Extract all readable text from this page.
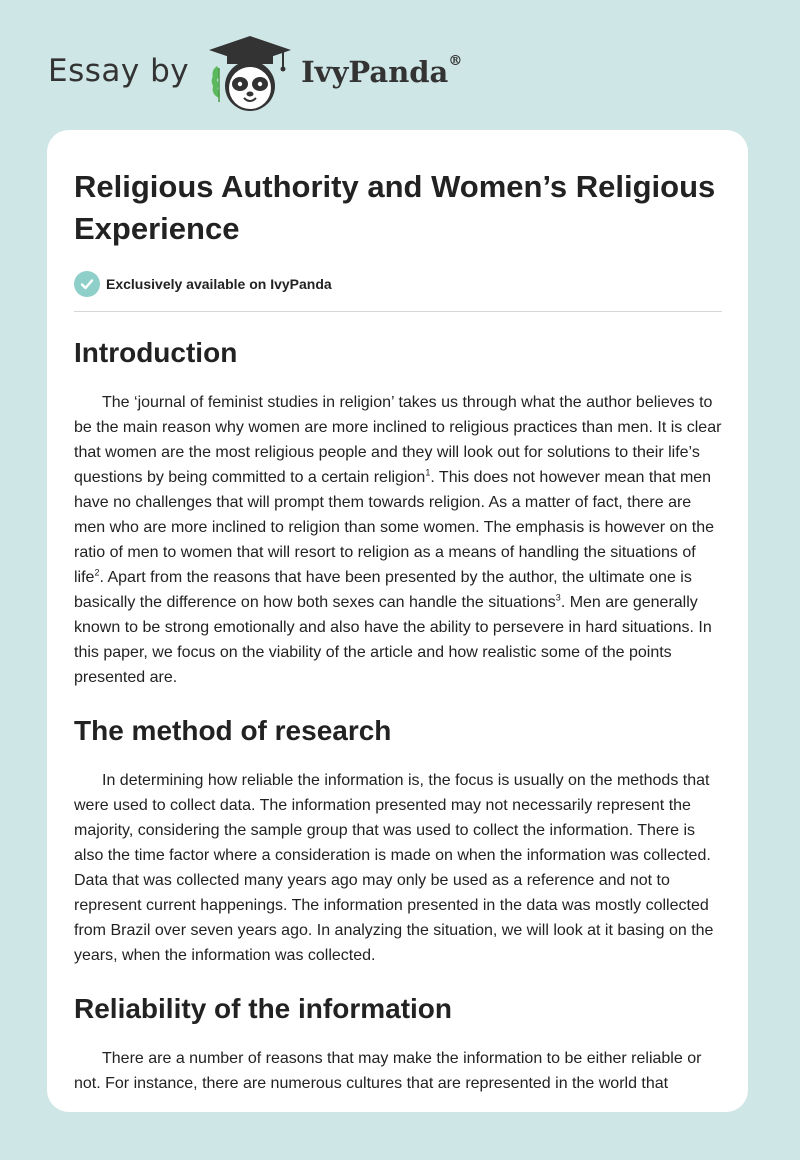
Essay by	IvyPanda®
Religious Authority and Women’s Religious Experience
Exclusively available on IvyPanda
Introduction

The ‘journal of feminist studies in religion’ takes us through what the author believes to be the main reason why women are more inclined to religious practices than men. It is clear that women are the most religious people and they will look out for solutions to their life’s questions by being committed to a certain religion$^1$. This does not however mean that men have no challenges that will prompt them towards religion. As a matter of fact, there are men who are more inclined to religion than some women. The emphasis is however on the ratio of men to women that will resort to religion as a means of handling the situations of life$^2$. Apart from the reasons that have been presented by the author, the ultimate one is basically the difference on how both sexes can handle the situations$^3$. Men are generally known to be strong emotionally and also have the ability to persevere in hard situations. In this paper, we focus on the viability of the article and how realistic some of the points presented are.

The method of research

In determining how reliable the information is, the focus is usually on the methods that were used to collect data. The information presented may not necessarily represent the majority, considering the sample group that was used to collect the information. There is also the time factor where a consideration is made on when the information was collected. Data that was collected many years ago may only be used as a reference and not to represent current happenings. The information presented in the data was mostly collected from Brazil over seven years ago. In analyzing the situation, we will look at it basing on the years, when the information was collected.

Reliability of the information

There are a number of reasons that may make the information to be either reliable or not. For instance, there are numerous cultures that are represented in the world that
